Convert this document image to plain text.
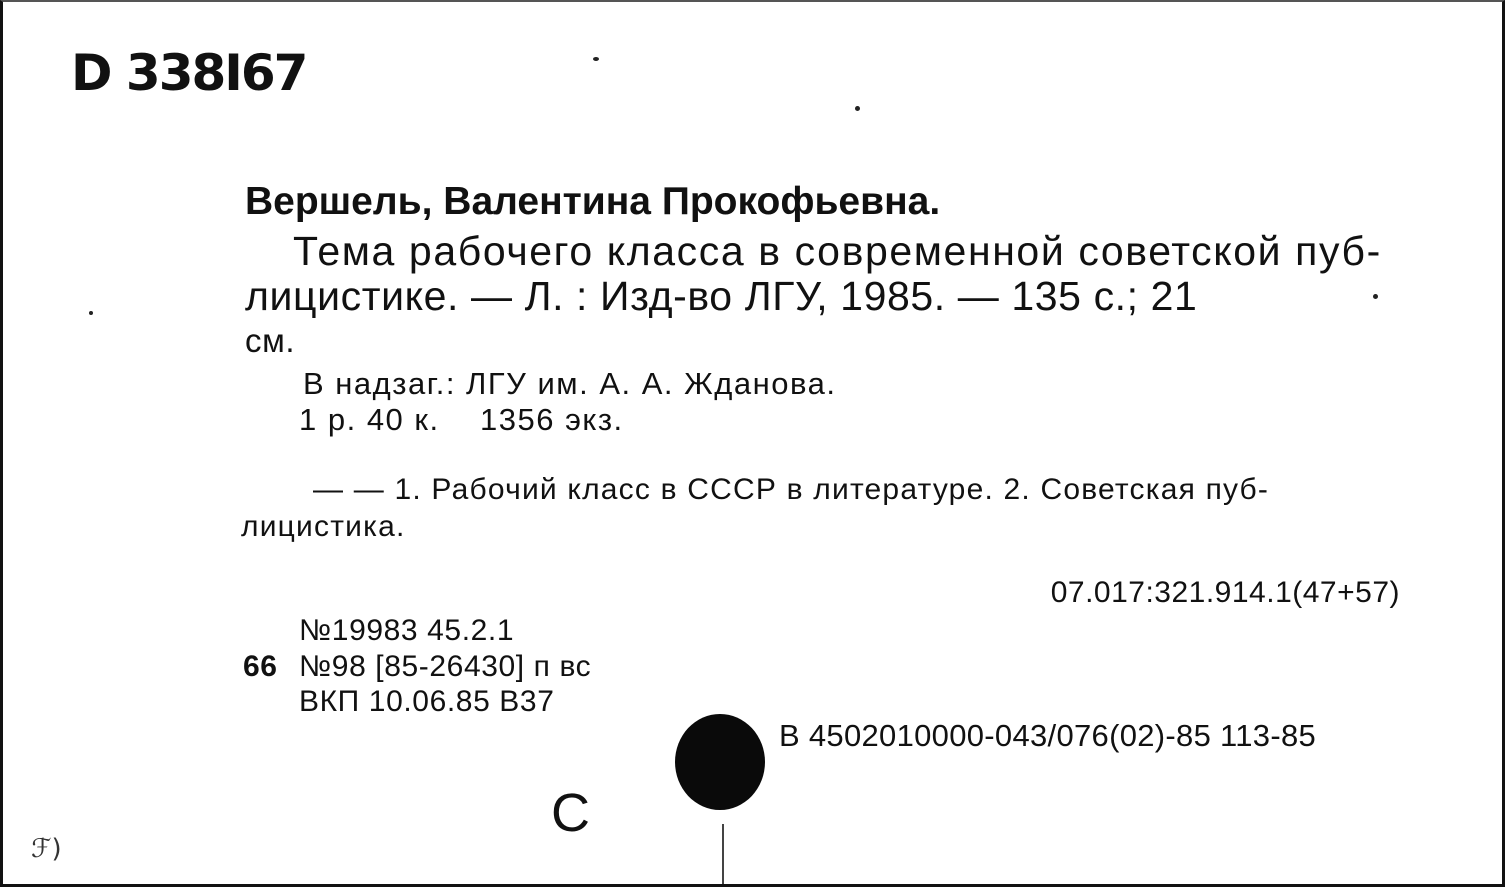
D 338I67
Вершель, Валентина Прокофьевна.
Тема рабочего класса в современной советской пуб-
лицистике. — Л. : Изд-во ЛГУ, 1985. — 135 с.; 21
см.
В надзаг.: ЛГУ им. А. А. Жданова.
1 р. 40 к.    1356 экз.
— — 1. Рабочий класс в СССР в литературе. 2. Советская пуб-
лицистика.
07.017:321.914.1(47+57)
№19983 45.2.1
66 №98 [85-26430] п вс
ВКП 10.06.85 В37
В 4502010000-043/076(02)-85 113-85
С
ℱ)
